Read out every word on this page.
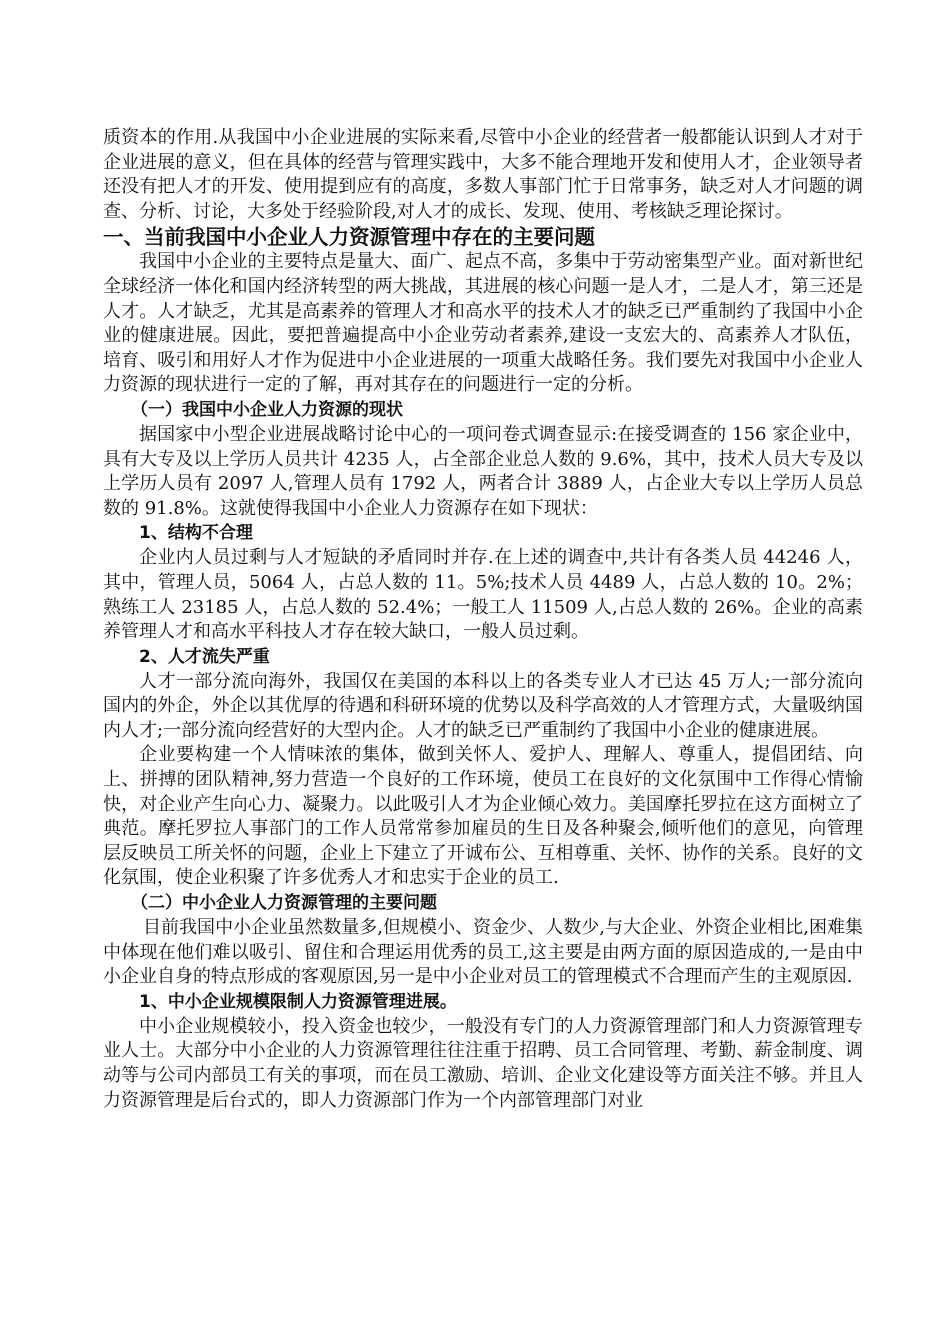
质资本的作用.从我国中小企业进展的实际来看,尽管中小企业的经营者一般都能认识到人才对于企业进展的意义，但在具体的经营与管理实践中，大多不能合理地开发和使用人才，企业领导者还没有把人才的开发、使用提到应有的高度，多数人事部门忙于日常事务，缺乏对人才问题的调查、分析、讨论，大多处于经验阶段,对人才的成长、发现、使用、考核缺乏理论探讨。

一、当前我国中小企业人力资源管理中存在的主要问题

我国中小企业的主要特点是量大、面广、起点不高，多集中于劳动密集型产业。面对新世纪全球经济一体化和国内经济转型的两大挑战，其进展的核心问题一是人才，二是人才，第三还是人才。人才缺乏，尤其是高素养的管理人才和高水平的技术人才的缺乏已严重制约了我国中小企业的健康进展。因此，要把普遍提高中小企业劳动者素养,建设一支宏大的、高素养人才队伍，培育、吸引和用好人才作为促进中小企业进展的一项重大战略任务。我们要先对我国中小企业人力资源的现状进行一定的了解，再对其存在的问题进行一定的分析。

（一）我国中小企业人力资源的现状

据国家中小型企业进展战略讨论中心的一项问卷式调查显示:在接受调查的 156 家企业中，具有大专及以上学历人员共计 4235 人，占全部企业总人数的 9.6%，其中，技术人员大专及以上学历人员有 2097 人,管理人员有 1792 人，两者合计 3889 人，占企业大专以上学历人员总数的 91.8%。这就使得我国中小企业人力资源存在如下现状：

1、结构不合理

企业内人员过剩与人才短缺的矛盾同时并存.在上述的调查中,共计有各类人员 44246 人，其中，管理人员，5064 人，占总人数的 11。5%;技术人员 4489 人，占总人数的 10。2%；熟练工人 23185 人，占总人数的 52.4%；一般工人 11509 人,占总人数的 26%。企业的高素养管理人才和高水平科技人才存在较大缺口，一般人员过剩。

2、人才流失严重

人才一部分流向海外，我国仅在美国的本科以上的各类专业人才已达 45 万人;一部分流向国内的外企，外企以其优厚的待遇和科研环境的优势以及科学高效的人才管理方式，大量吸纳国内人才;一部分流向经营好的大型内企。人才的缺乏已严重制约了我国中小企业的健康进展。

企业要构建一个人情味浓的集体，做到关怀人、爱护人、理解人、尊重人，提倡团结、向上、拼搏的团队精神,努力营造一个良好的工作环境，使员工在良好的文化氛围中工作得心情愉快，对企业产生向心力、凝聚力。以此吸引人才为企业倾心效力。美国摩托罗拉在这方面树立了典范。摩托罗拉人事部门的工作人员常常参加雇员的生日及各种聚会,倾听他们的意见，向管理层反映员工所关怀的问题，企业上下建立了开诚布公、互相尊重、关怀、协作的关系。良好的文化氛围，使企业积聚了许多优秀人才和忠实于企业的员工.

（二）中小企业人力资源管理的主要问题

目前我国中小企业虽然数量多,但规模小、资金少、人数少,与大企业、外资企业相比,困难集中体现在他们难以吸引、留住和合理运用优秀的员工,这主要是由两方面的原因造成的,一是由中小企业自身的特点形成的客观原因,另一是中小企业对员工的管理模式不合理而产生的主观原因.

1、中小企业规模限制人力资源管理进展。

中小企业规模较小，投入资金也较少，一般没有专门的人力资源管理部门和人力资源管理专业人士。大部分中小企业的人力资源管理往往注重于招聘、员工合同管理、考勤、薪金制度、调动等与公司内部员工有关的事项，而在员工激励、培训、企业文化建设等方面关注不够。并且人力资源管理是后台式的，即人力资源部门作为一个内部管理部门对业
